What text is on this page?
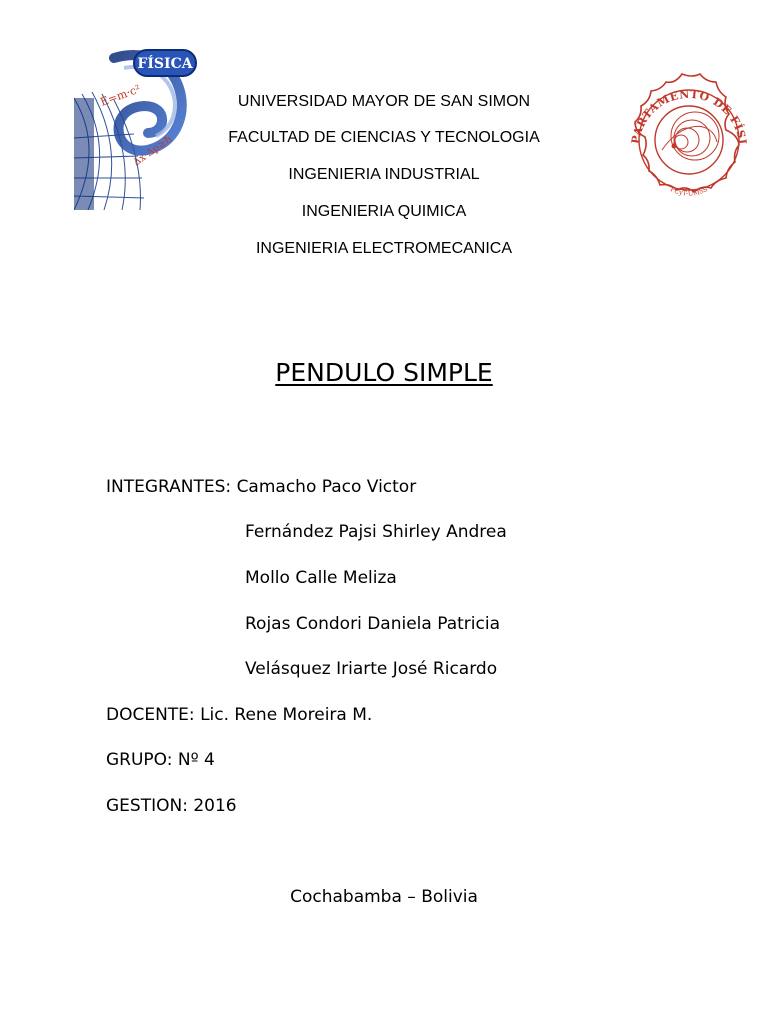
FÍSICA
E=m·c²
Δx·Δp≥ħ	PARTAMENTO DE FÍSI
FCyT-UMSS
UNIVERSIDAD MAYOR DE SAN SIMON
FACULTAD DE CIENCIAS Y TECNOLOGIA
INGENIERIA INDUSTRIAL
INGENIERIA QUIMICA
INGENIERIA ELECTROMECANICA
PENDULO SIMPLE
INTEGRANTES: Camacho Paco Victor
Fernández Pajsi Shirley Andrea
Mollo Calle Meliza
Rojas Condori Daniela Patricia
Velásquez Iriarte José Ricardo
DOCENTE: Lic. Rene Moreira M.
GRUPO: Nº 4
GESTION: 2016
Cochabamba – Bolivia
